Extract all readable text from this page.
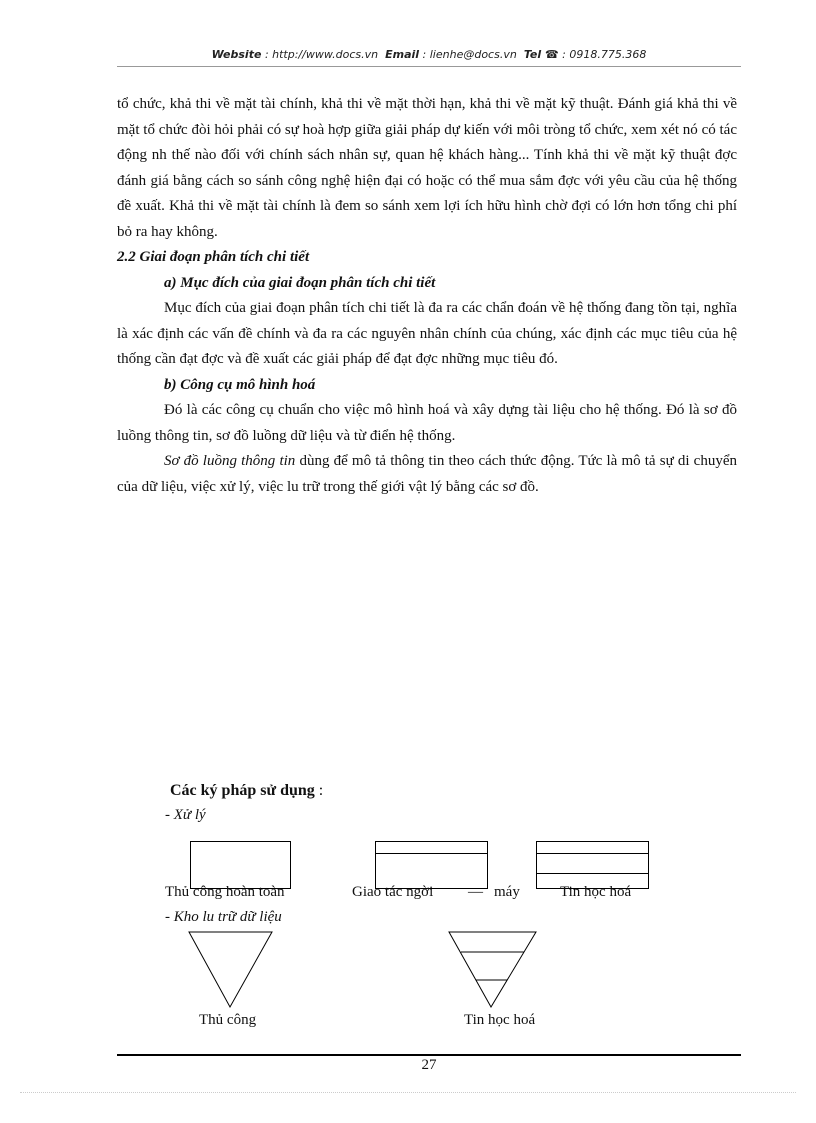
Website : http://www.docs.vn Email : lienhe@docs.vn Tel ☎ : 0918.775.368

tổ chức, khả thi về mặt tài chính, khả thi về mặt thời hạn, khả thi về mặt kỹ thuật. Đánh giá khả thi về mặt tổ chức đòi hỏi phải có sự hoà hợp giữa giải pháp dự kiến với môi tròng tổ chức, xem xét nó có tác động nh thế nào đối với chính sách nhân sự, quan hệ khách hàng... Tính khả thi về mặt kỹ thuật đợc đánh giá bằng cách so sánh công nghệ hiện đại có hoặc có thể mua sắm đợc với yêu cầu của hệ thống đề xuất. Khả thi về mặt tài chính là đem so sánh xem lợi ích hữu hình chờ đợi có lớn hơn tổng chi phí bỏ ra hay không.

2.2 Giai đoạn phân tích chi tiết

a) Mục đích của giai đoạn phân tích chi tiết

Mục đích của giai đoạn phân tích chi tiết là đa ra các chẩn đoán về hệ thống đang tồn tại, nghĩa là xác định các vấn đề chính và đa ra các nguyên nhân chính của chúng, xác định các mục tiêu của hệ thống cần đạt đợc và đề xuất các giải pháp để đạt đợc những mục tiêu đó.

b) Công cụ mô hình hoá

Đó là các công cụ chuẩn cho việc mô hình hoá và xây dựng tài liệu cho hệ thống. Đó là sơ đồ luồng thông tin, sơ đồ luồng dữ liệu và từ điển hệ thống.

Sơ đồ luồng thông tin dùng để mô tả thông tin theo cách thức động. Tức là mô tả sự di chuyển của dữ liệu, việc xử lý, việc lu trữ trong thế giới vật lý bằng các sơ đồ.

Các ký pháp sử dụng :
- Xử lý
Thủ công hoàn toàn	Giao tác ngời — máy	Tin học hoá
- Kho lu trữ dữ liệu
Thủ công	Tin học hoá
27
